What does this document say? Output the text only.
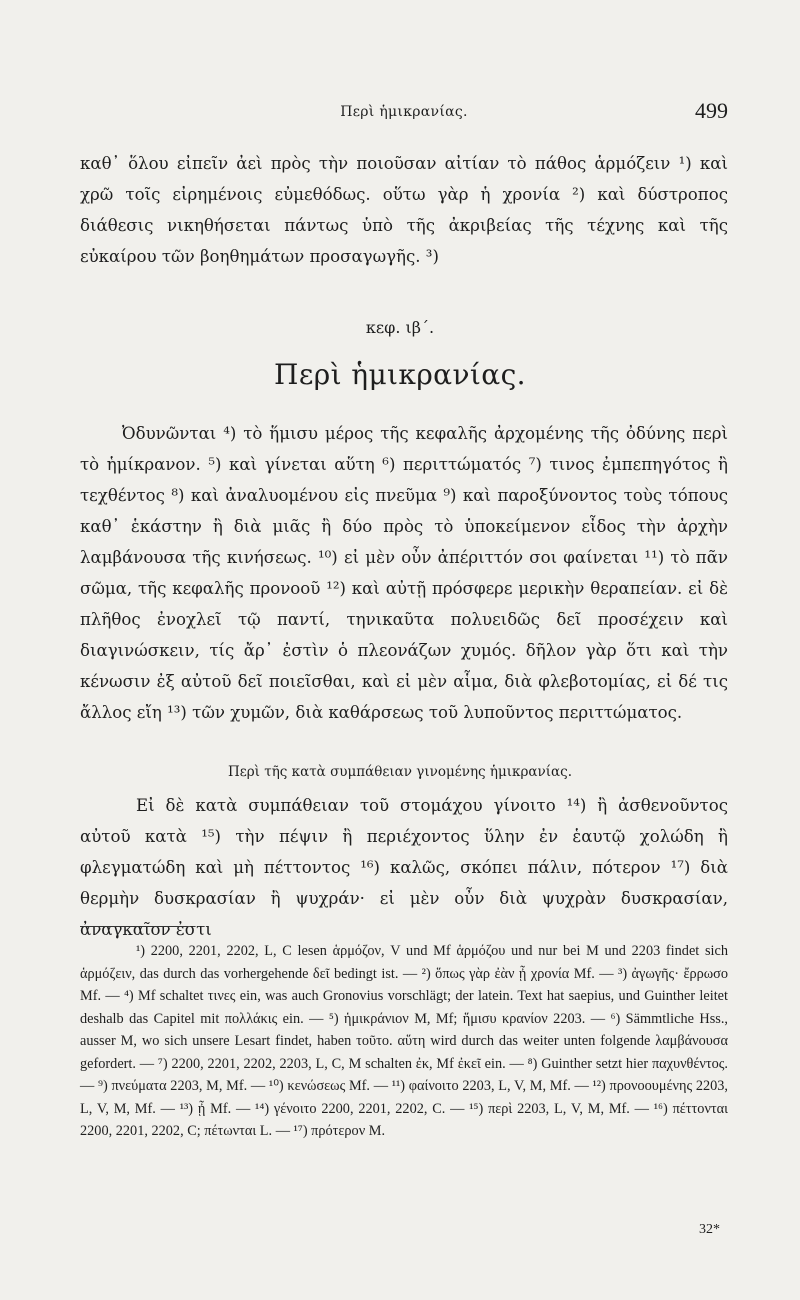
Περὶ ἡμικρανίας.	499

καθ᾽ ὅλου εἰπεῖν ἀεὶ πρὸς τὴν ποιοῦσαν αἰτίαν τὸ πάθος ἁρμόζειν ¹) καὶ χρῶ τοῖς εἰρημένοις εὐμεθόδως. οὕτω γὰρ ἡ χρονία ²) καὶ δύστροπος διάθεσις νικηθήσεται πάντως ὑπὸ τῆς ἀκριβείας τῆς τέχνης καὶ τῆς εὐκαίρου τῶν βοηθημάτων προσαγωγῆς. ³)

κεφ. ιβ΄.
Περὶ ἡμικρανίας.

Ὀδυνῶνται ⁴) τὸ ἥμισυ μέρος τῆς κεφαλῆς ἀρχομένης τῆς ὀδύνης περὶ τὸ ἡμίκρανον. ⁵) καὶ γίνεται αὕτη ⁶) περιττώματός ⁷) τινος ἐμπεπηγότος ἢ τεχθέντος ⁸) καὶ ἀναλυομένου εἰς πνεῦμα ⁹) καὶ παροξύνοντος τοὺς τόπους καθ᾽ ἑκάστην ἢ διὰ μιᾶς ἢ δύο πρὸς τὸ ὑποκείμενον εἶδος τὴν ἀρχὴν λαμβάνουσα τῆς κινήσεως. ¹⁰) εἰ μὲν οὖν ἀπέριττόν σοι φαίνεται ¹¹) τὸ πᾶν σῶμα, τῆς κεφαλῆς προνοοῦ ¹²) καὶ αὐτῇ πρόσφερε μερικὴν θεραπείαν. εἰ δὲ πλῆθος ἐνοχλεῖ τῷ παντί, τηνικαῦτα πολυειδῶς δεῖ προσέχειν καὶ διαγινώσκειν, τίς ἄρ᾽ ἐστὶν ὁ πλεονάζων χυμός. δῆλον γὰρ ὅτι καὶ τὴν κένωσιν ἐξ αὐτοῦ δεῖ ποιεῖσθαι, καὶ εἰ μὲν αἷμα, διὰ φλεβοτομίας, εἰ δέ τις ἄλλος εἴη ¹³) τῶν χυμῶν, διὰ καθάρσεως τοῦ λυποῦντος περιττώματος.

Περὶ τῆς κατὰ συμπάθειαν γινομένης ἡμικρανίας.

Εἰ δὲ κατὰ συμπάθειαν τοῦ στομάχου γίνοιτο ¹⁴) ἢ ἀσθενοῦντος αὐτοῦ κατὰ ¹⁵) τὴν πέψιν ἢ περιέχοντος ὕλην ἐν ἑαυτῷ χολώδη ἢ φλεγματώδη καὶ μὴ πέττοντος ¹⁶) καλῶς, σκόπει πάλιν, πότερον ¹⁷) διὰ θερμὴν δυσκρασίαν ἢ ψυχράν· εἰ μὲν οὖν διὰ ψυχρὰν δυσκρασίαν, ἀναγκαῖον ἐστι

¹) 2200, 2201, 2202, L, C lesen ἁρμόζον, V und Mf ἁρμόζου und nur bei M und 2203 findet sich ἁρμόζειν, das durch das vorhergehende δεῖ bedingt ist. — ²) ὅπως γὰρ ἐὰν ᾖ χρονία Mf. — ³) ἀγωγῆς· ἔρρωσο Mf. — ⁴) Mf schaltet τινες ein, was auch Gronovius vorschlägt; der latein. Text hat saepius, und Guinther leitet deshalb das Capitel mit πολλάκις ein. — ⁵) ἡμικράνιον M, Mf; ἥμισυ κρανίον 2203. — ⁶) Sämmtliche Hss., ausser M, wo sich unsere Lesart findet, haben τοῦτο. αὕτη wird durch das weiter unten folgende λαμβάνουσα gefordert. — ⁷) 2200, 2201, 2202, 2203, L, C, M schalten ἐκ, Mf ἐκεῖ ein. — ⁸) Guinther setzt hier παχυνθέντος. — ⁹) πνεύματα 2203, M, Mf. — ¹⁰) κενώσεως Mf. — ¹¹) φαίνοιτο 2203, L, V, M, Mf. — ¹²) προνοουμένης 2203, L, V, M, Mf. — ¹³) ᾖ Mf. — ¹⁴) γένοιτο 2200, 2201, 2202, C. — ¹⁵) περὶ 2203, L, V, M, Mf. — ¹⁶) πέττονται 2200, 2201, 2202, C; πέτωνται L. — ¹⁷) πρότερον M.

32*
